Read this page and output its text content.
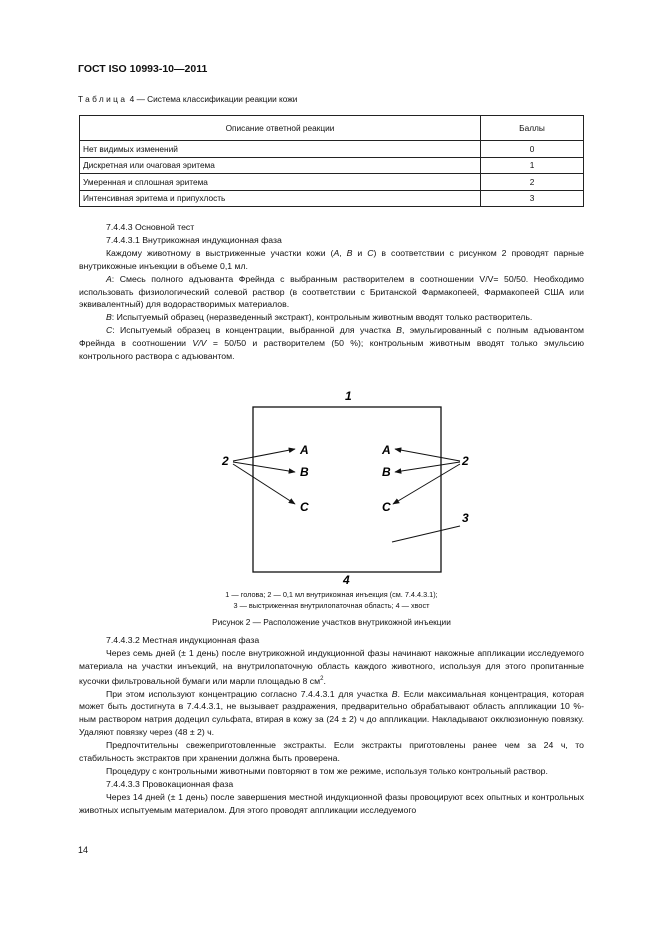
ГОСТ ISO 10993-10—2011
Таблица 4 — Система классификации реакции кожи
Описание ответной реакции	Баллы
Нет видимых изменений	0
Дискретная или очаговая эритема	1
Умеренная и сплошная эритема	2
Интенсивная эритема и припухлость	3

7.4.4.3 Основной тест

7.4.4.3.1 Внутрикожная индукционная фаза

Каждому животному в выстриженные участки кожи (A, B и C) в соответствии с рисунком 2 проводят парные внутрикожные инъекции в объеме 0,1 мл.

A: Смесь полного адъюванта Фрейнда с выбранным растворителем в соотношении V/V= 50/50. Необходимо использовать физиологический солевой раствор (в соответствии с Британской Фармакопеей, Фармакопеей США или эквивалентный) для водорастворимых материалов.

B: Испытуемый образец (неразведенный экстракт), контрольным животным вводят только растворитель.

C: Испытуемый образец в концентрации, выбранной для участка B, эмульгированный с полным адъювантом Фрейнда в соотношении V/V = 50/50 и растворителем (50 %); контрольным животным вводят только эмульсию контрольного раствора с адъювантом.

1
4
2	2
3
A
B
C
A
B
C
1 — голова; 2 — 0,1 мл внутрикожная инъекция (см. 7.4.4.3.1);
3 — выстриженная внутрилопаточная область; 4 — хвост
Рисунок 2 — Расположение участков внутрикожной инъекции

7.4.4.3.2 Местная индукционная фаза

Через семь дней (± 1 день) после внутрикожной индукционной фазы начинают накожные аппликации исследуемого материала на участки инъекций, на внутрилопаточную область каждого животного, используя для этого пропитанные кусочки фильтровальной бумаги или марли площадью 8 $см^2$.

При этом используют концентрацию согласно 7.4.4.3.1 для участка B. Если максимальная концентрация, которая может быть достигнута в 7.4.4.3.1, не вызывает раздражения, предварительно обрабатывают область аппликации 10 %-ным раствором натрия додецил сульфата, втирая в кожу за (24 ± 2) ч до аппликации. Накладывают окклюзионную повязку. Удаляют повязку через (48 ± 2) ч.

Предпочтительны свежеприготовленные экстракты. Если экстракты приготовлены ранее чем за 24 ч, то стабильность экстрактов при хранении должна быть проверена.

Процедуру с контрольными животными повторяют в том же режиме, используя только контрольный раствор.

7.4.4.3.3 Провокационная фаза

Через 14 дней (± 1 день) после завершения местной индукционной фазы провоцируют всех опытных и контрольных животных испытуемым материалом. Для этого проводят аппликации исследуемого

14
